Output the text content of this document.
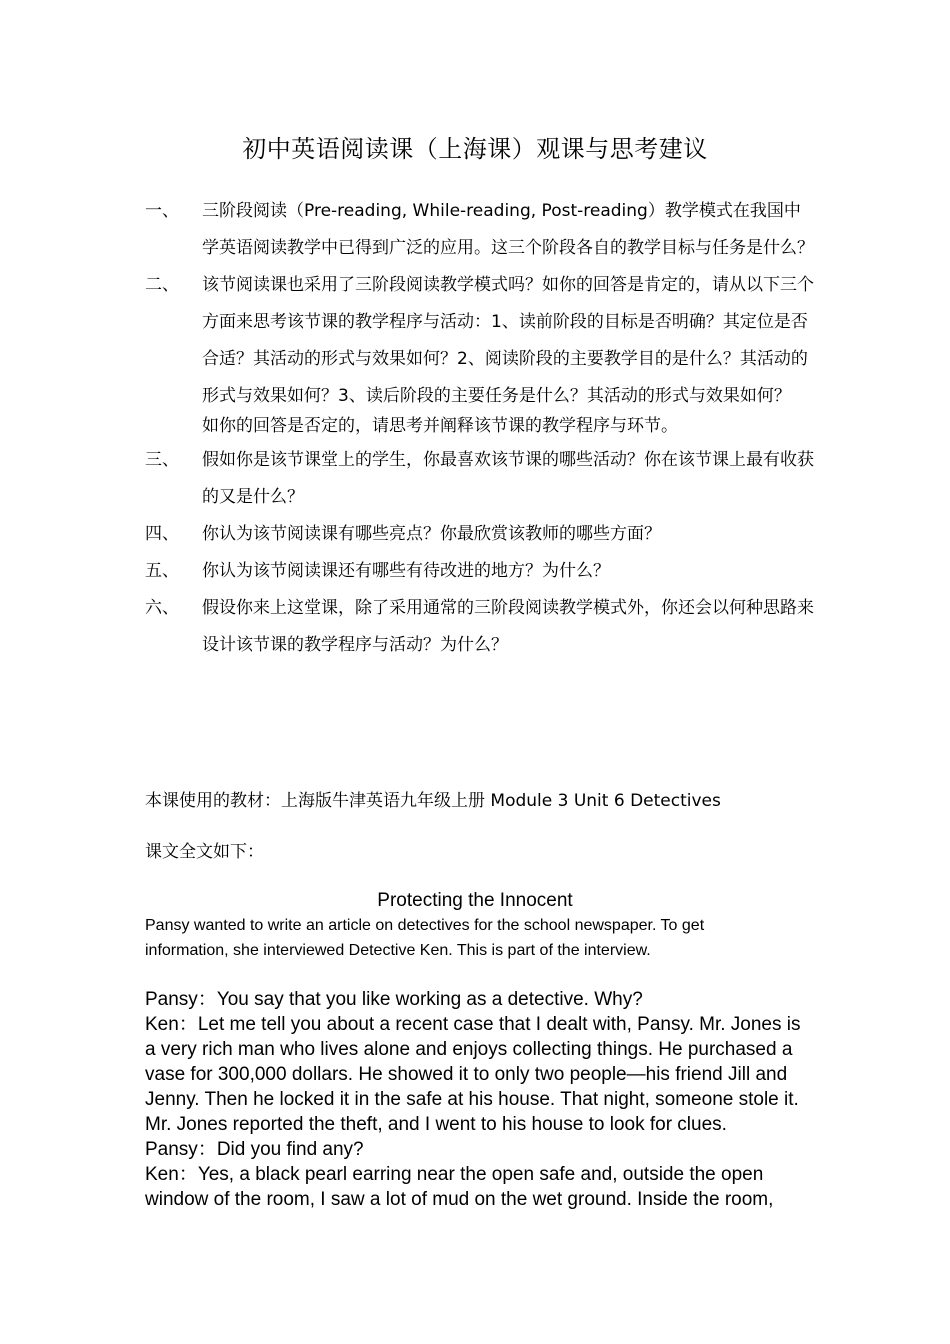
初中英语阅读课（上海课）观课与思考建议
一、 三阶段阅读（Pre-reading, While-reading, Post-reading）教学模式在我国中学英语阅读教学中已得到广泛的应用。这三个阶段各自的教学目标与任务是什么？
二、 该节阅读课也采用了三阶段阅读教学模式吗？如你的回答是肯定的，请从以下三个方面来思考该节课的教学程序与活动：1、读前阶段的目标是否明确？其定位是否合适？其活动的形式与效果如何？2、阅读阶段的主要教学目的是什么？其活动的形式与效果如何？3、读后阶段的主要任务是什么？其活动的形式与效果如何？
如你的回答是否定的，请思考并阐释该节课的教学程序与环节。
三、 假如你是该节课堂上的学生，你最喜欢该节课的哪些活动？你在该节课上最有收获的又是什么？
四、 你认为该节阅读课有哪些亮点？你最欣赏该教师的哪些方面？
五、 你认为该节阅读课还有哪些有待改进的地方？为什么？
六、 假设你来上这堂课，除了采用通常的三阶段阅读教学模式外，你还会以何种思路来设计该节课的教学程序与活动？为什么？
本课使用的教材：上海版牛津英语九年级上册 Module 3 Unit 6 Detectives
课文全文如下：
Protecting the Innocent
Pansy wanted to write an article on detectives for the school newspaper. To get information, she interviewed Detective Ken. This is part of the interview.

Pansy：You say that you like working as a detective. Why?

Ken：Let me tell you about a recent case that I dealt with, Pansy. Mr. Jones is a very rich man who lives alone and enjoys collecting things. He purchased a vase for 300,000 dollars. He showed it to only two people—his friend Jill and Jenny. Then he locked it in the safe at his house. That night, someone stole it. Mr. Jones reported the theft, and I went to his house to look for clues.

Pansy：Did you find any?

Ken：Yes, a black pearl earring near the open safe and, outside the open window of the room, I saw a lot of mud on the wet ground. Inside the room,
